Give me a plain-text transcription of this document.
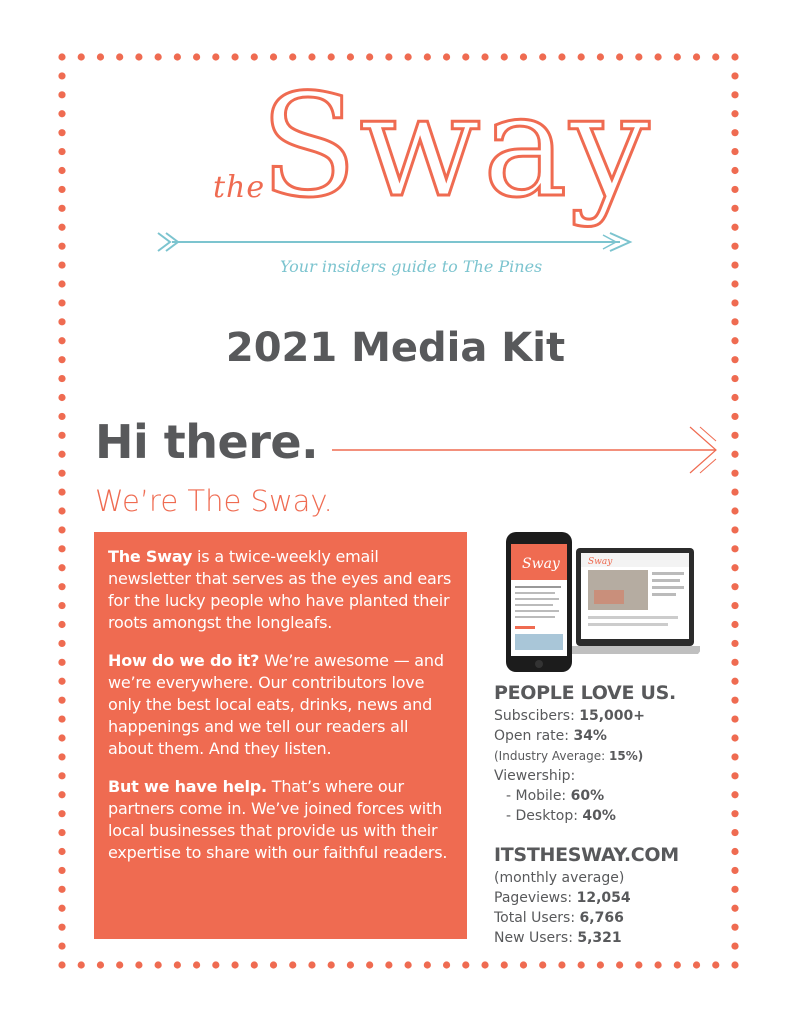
the
Sway
Your insiders guide to The Pines
2021 Media Kit
Hi there.
We’re The Sway.

The Sway is a twice-weekly email newsletter that serves as the eyes and ears for the lucky people who have planted their roots amongst the longleafs.

How do we do it? We’re awesome — and we’re everywhere. Our contributors love only the best local eats, drinks, news and happenings and we tell our readers all about them. And they listen.

But we have help. That’s where our partners come in. We’ve joined forces with local businesses that provide us with their expertise to share with our faithful readers.

Sway
Sway
PEOPLE LOVE US.
Subscibers: 15,000+
Open rate: 34%
(Industry Average: 15%)
Viewership:
- Mobile: 60%
- Desktop: 40%
ITSTHESWAY.COM
(monthly average)
Pageviews: 12,054
Total Users: 6,766
New Users: 5,321
